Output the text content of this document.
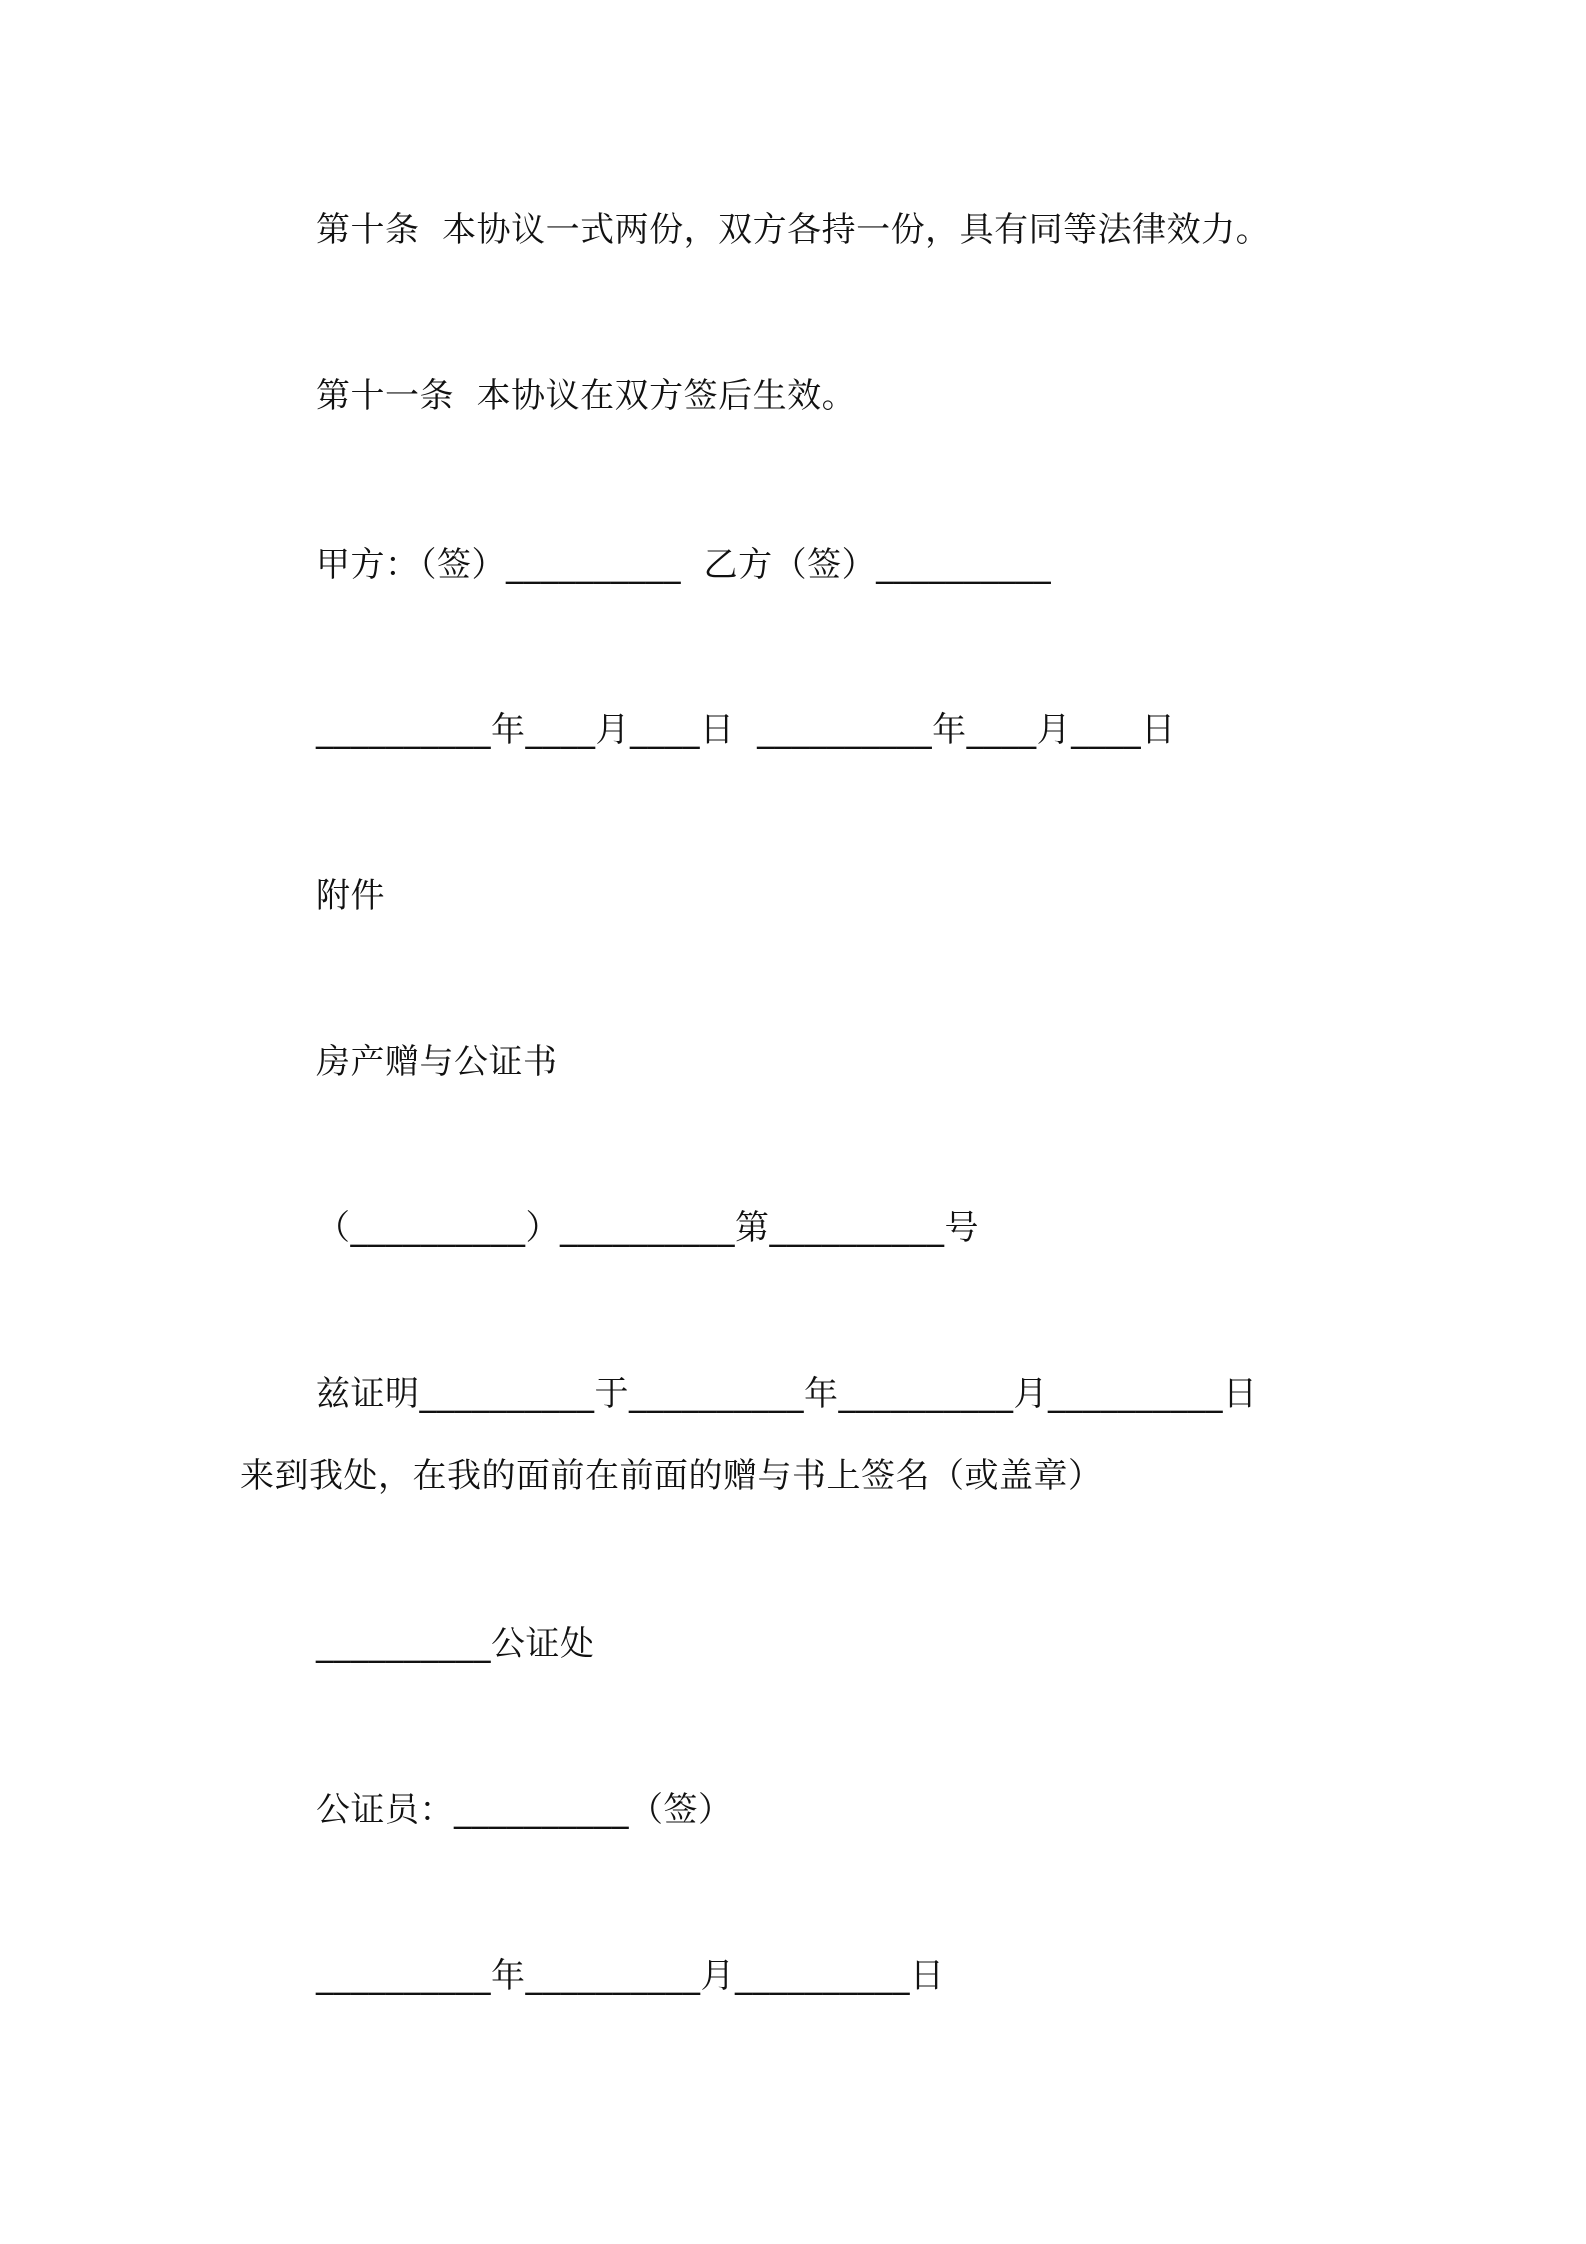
第十条  本协议一式两份，双方各持一份，具有同等法律效力。
第十一条  本协议在双方签后生效。
甲方：（签）__________  乙方（签）__________
__________年____月____日  __________年____月____日
附件
房产赠与公证书
（__________）__________第__________号
兹证明__________于__________年__________月__________日
来到我处，在我的面前在前面的赠与书上签名（或盖章）
__________公证处
公证员：__________（签）
__________年__________月__________日
